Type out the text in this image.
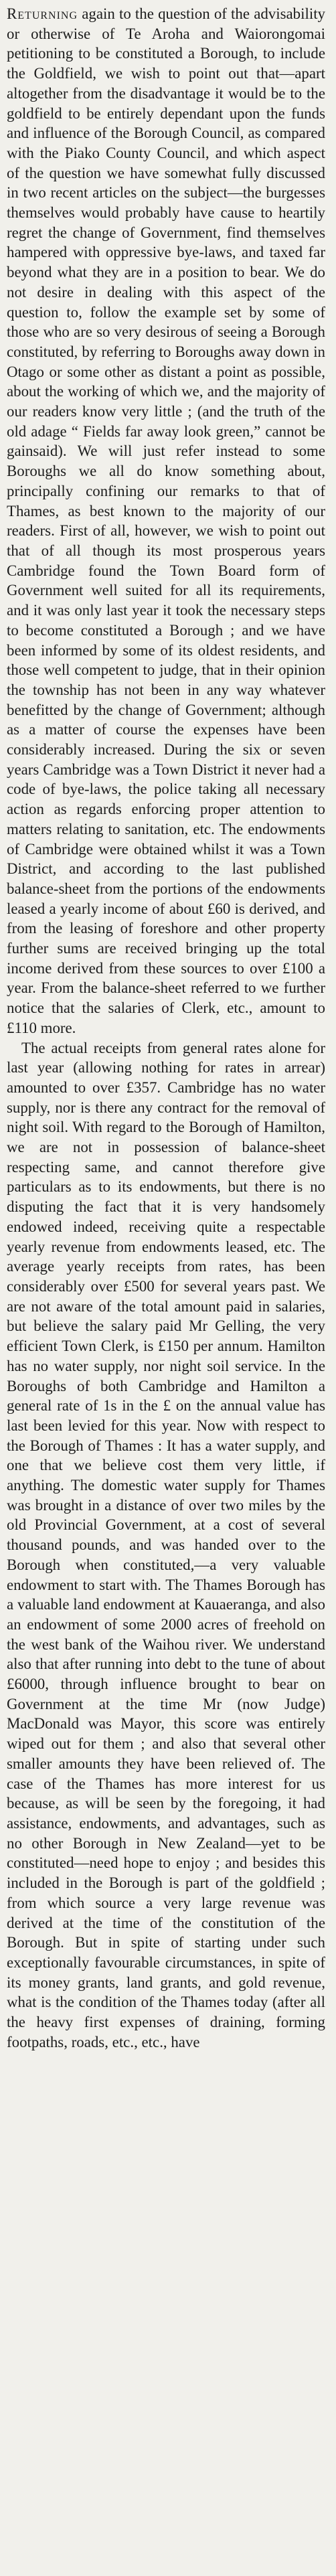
Returning again to the question of the advisability or otherwise of Te Aroha and Waiorongomai petitioning to be constituted a Borough, to include the Goldfield, we wish to point out that—apart altogether from the disadvantage it would be to the goldfield to be entirely dependant upon the funds and influence of the Borough Council, as compared with the Piako County Council, and which aspect of the question we have somewhat fully discussed in two recent articles on the subject—the burgesses themselves would probably have cause to heartily regret the change of Government, find themselves hampered with oppressive bye-laws, and taxed far beyond what they are in a position to bear. We do not desire in dealing with this aspect of the question to, follow the example set by some of those who are so very desirous of seeing a Borough constituted, by referring to Boroughs away down in Otago or some other as distant a point as possible, about the working of which we, and the majority of our readers know very little ; (and the truth of the old adage “ Fields far away look green,” cannot be gainsaid). We will just refer instead to some Boroughs we all do know something about, principally confining our remarks to that of Thames, as best known to the majority of our readers. First of all, however, we wish to point out that of all though its most prosperous years Cambridge found the Town Board form of Government well suited for all its requirements, and it was only last year it took the necessary steps to become constituted a Borough ; and we have been informed by some of its oldest residents, and those well competent to judge, that in their opinion the township has not been in any way whatever benefitted by the change of Government; although as a matter of course the expenses have been considerably increased. During the six or seven years Cambridge was a Town District it never had a code of bye-laws, the police taking all necessary action as regards enforcing proper attention to matters relating to sanitation, etc. The endowments of Cambridge were obtained whilst it was a Town District, and according to the last published balance-sheet from the portions of the endowments leased a yearly income of about £60 is derived, and from the leasing of foreshore and other property further sums are received bringing up the total income derived from these sources to over £100 a year. From the balance-sheet referred to we further notice that the salaries of Clerk, etc., amount to £110 more.

The actual receipts from general rates alone for last year (allowing nothing for rates in arrear) amounted to over £357. Cambridge has no water supply, nor is there any contract for the removal of night soil. With regard to the Borough of Hamilton, we are not in possession of balance-sheet respecting same, and cannot therefore give particulars as to its endowments, but there is no disputing the fact that it is very handsomely endowed indeed, receiving quite a respectable yearly revenue from endowments leased, etc. The average yearly receipts from rates, has been considerably over £500 for several years past. We are not aware of the total amount paid in salaries, but believe the salary paid Mr Gelling, the very efficient Town Clerk, is £150 per annum. Hamilton has no water supply, nor night soil service. In the Boroughs of both Cambridge and Hamilton a general rate of 1s in the £ on the annual value has last been levied for this year. Now with respect to the Borough of Thames : It has a water supply, and one that we believe cost them very little, if anything. The domestic water supply for Thames was brought in a distance of over two miles by the old Provincial Government, at a cost of several thousand pounds, and was handed over to the Borough when constituted,—a very valuable endowment to start with. The Thames Borough has a valuable land endowment at Kauaeranga, and also an endowment of some 2000 acres of freehold on the west bank of the Waihou river. We understand also that after running into debt to the tune of about £6000, through influence brought to bear on Government at the time Mr (now Judge) MacDonald was Mayor, this score was entirely wiped out for them ; and also that several other smaller amounts they have been relieved of. The case of the Thames has more interest for us because, as will be seen by the foregoing, it had assistance, endowments, and advantages, such as no other Borough in New Zealand—yet to be constituted—need hope to enjoy ; and besides this included in the Borough is part of the goldfield ; from which source a very large revenue was derived at the time of the constitution of the Borough. But in spite of starting under such exceptionally favourable circumstances, in spite of its money grants, land grants, and gold revenue, what is the condition of the Thames today (after all the heavy first expenses of draining, forming footpaths, roads, etc., etc., have
